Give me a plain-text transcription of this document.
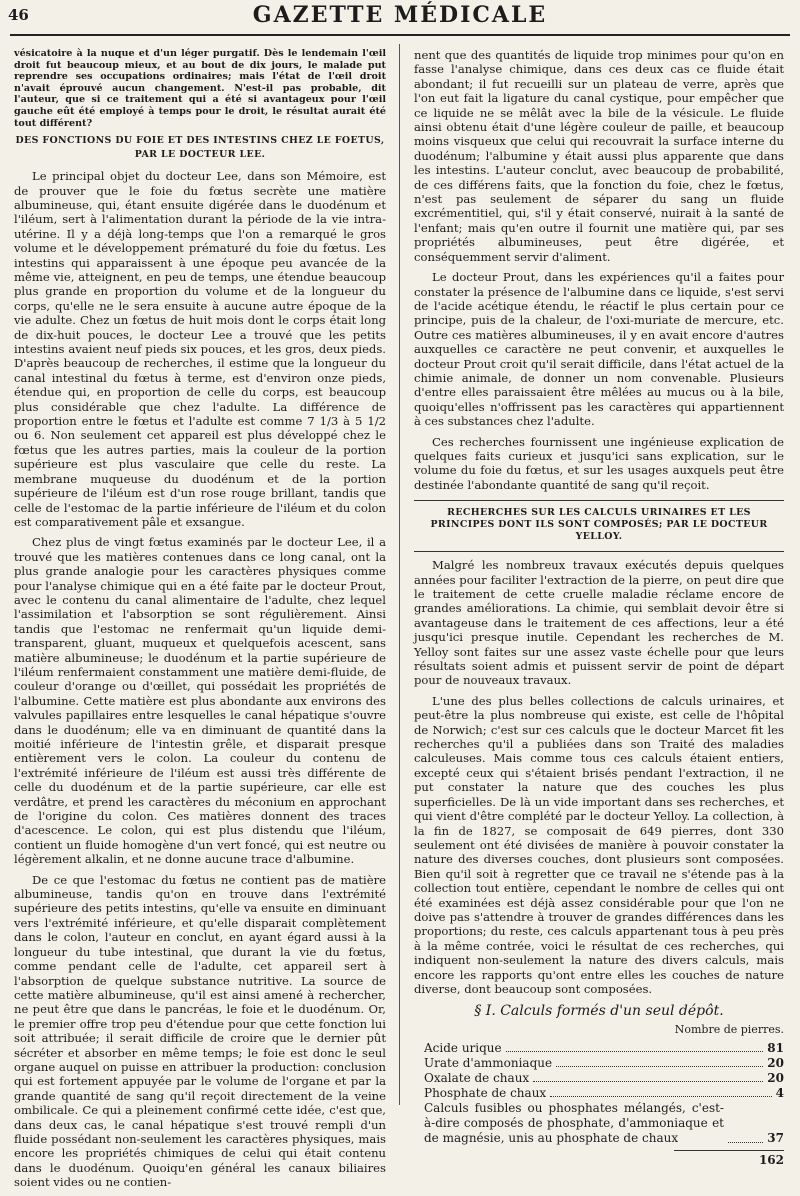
46	GAZETTE MÉDICALE

vésicatoire à la nuque et d'un léger purgatif. Dès le lendemain l'œil droit fut beaucoup mieux, et au bout de dix jours, le malade put reprendre ses occupations ordinaires; mais l'état de l'œil droit n'avait éprouvé aucun changement. N'est-il pas probable, dit l'auteur, que si ce traitement qui a été si avantageux pour l'œil gauche eût été employé à temps pour le droit, le résultat aurait été tout différent?

DES FONCTIONS DU FOIE ET DES INTESTINS CHEZ LE FOETUS,
PAR LE DOCTEUR LEE.

Le principal objet du docteur Lee, dans son Mémoire, est de prouver que le foie du fœtus secrète une matière albumineuse, qui, étant ensuite digérée dans le duodénum et l'iléum, sert à l'alimentation durant la période de la vie intra-utérine. Il y a déjà long-temps que l'on a remarqué le gros volume et le développement prématuré du foie du fœtus. Les intestins qui apparaissent à une époque peu avancée de la même vie, atteignent, en peu de temps, une étendue beaucoup plus grande en proportion du volume et de la longueur du corps, qu'elle ne le sera ensuite à aucune autre époque de la vie adulte. Chez un fœtus de huit mois dont le corps était long de dix-huit pouces, le docteur Lee a trouvé que les petits intestins avaient neuf pieds six pouces, et les gros, deux pieds. D'après beaucoup de recherches, il estime que la longueur du canal intestinal du fœtus à terme, est d'environ onze pieds, étendue qui, en proportion de celle du corps, est beaucoup plus considérable que chez l'adulte. La différence de proportion entre le fœtus et l'adulte est comme 7 1/3 à 5 1/2 ou 6. Non seulement cet appareil est plus développé chez le fœtus que les autres parties, mais la couleur de la portion supérieure est plus vasculaire que celle du reste. La membrane muqueuse du duodénum et de la portion supérieure de l'iléum est d'un rose rouge brillant, tandis que celle de l'estomac de la partie inférieure de l'iléum et du colon est comparativement pâle et exsangue.

Chez plus de vingt fœtus examinés par le docteur Lee, il a trouvé que les matières contenues dans ce long canal, ont la plus grande analogie pour les caractères physiques comme pour l'analyse chimique qui en a été faite par le docteur Prout, avec le contenu du canal alimentaire de l'adulte, chez lequel l'assimilation et l'absorption se sont régulièrement. Ainsi tandis que l'estomac ne renfermait qu'un liquide demi-transparent, gluant, muqueux et quelquefois acescent, sans matière albumineuse; le duodénum et la partie supérieure de l'iléum renfermaient constamment une matière demi-fluide, de couleur d'orange ou d'œillet, qui possédait les propriétés de l'albumine. Cette matière est plus abondante aux environs des valvules papillaires entre lesquelles le canal hépatique s'ouvre dans le duodénum; elle va en diminuant de quantité dans la moitié inférieure de l'intestin grêle, et disparait presque entièrement vers le colon. La couleur du contenu de l'extrémité inférieure de l'iléum est aussi très différente de celle du duodénum et de la partie supérieure, car elle est verdâtre, et prend les caractères du méconium en approchant de l'origine du colon. Ces matières donnent des traces d'acescence. Le colon, qui est plus distendu que l'iléum, contient un fluide homogène d'un vert foncé, qui est neutre ou légèrement alkalin, et ne donne aucune trace d'albumine.

De ce que l'estomac du fœtus ne contient pas de matière albumineuse, tandis qu'on en trouve dans l'extrémité supérieure des petits intestins, qu'elle va ensuite en diminuant vers l'extrémité inférieure, et qu'elle disparait complètement dans le colon, l'auteur en conclut, en ayant égard aussi à la longueur du tube intestinal, que durant la vie du fœtus, comme pendant celle de l'adulte, cet appareil sert à l'absorption de quelque substance nutritive. La source de cette matière albumineuse, qu'il est ainsi amené à rechercher, ne peut être que dans le pancréas, le foie et le duodénum. Or, le premier offre trop peu d'étendue pour que cette fonction lui soit attribuée; il serait difficile de croire que le dernier pût sécréter et absorber en même temps; le foie est donc le seul organe auquel on puisse en attribuer la production: conclusion qui est fortement appuyée par le volume de l'organe et par la grande quantité de sang qu'il reçoit directement de la veine ombilicale. Ce qui a pleinement confirmé cette idée, c'est que, dans deux cas, le canal hépatique s'est trouvé rempli d'un fluide possédant non-seulement les caractères physiques, mais encore les propriétés chimiques de celui qui était contenu dans le duodénum. Quoiqu'en général les canaux biliaires soient vides ou ne contien-

nent que des quantités de liquide trop minimes pour qu'on en fasse l'analyse chimique, dans ces deux cas ce fluide était abondant; il fut recueilli sur un plateau de verre, après que l'on eut fait la ligature du canal cystique, pour empêcher que ce liquide ne se mêlât avec la bile de la vésicule. Le fluide ainsi obtenu était d'une légère couleur de paille, et beaucoup moins visqueux que celui qui recouvrait la surface interne du duodénum; l'albumine y était aussi plus apparente que dans les intestins. L'auteur conclut, avec beaucoup de probabilité, de ces différens faits, que la fonction du foie, chez le fœtus, n'est pas seulement de séparer du sang un fluide excrémentitiel, qui, s'il y était conservé, nuirait à la santé de l'enfant; mais qu'en outre il fournit une matière qui, par ses propriétés albumineuses, peut être digérée, et conséquemment servir d'aliment.

Le docteur Prout, dans les expériences qu'il a faites pour constater la présence de l'albumine dans ce liquide, s'est servi de l'acide acétique étendu, le réactif le plus certain pour ce principe, puis de la chaleur, de l'oxi-muriate de mercure, etc. Outre ces matières albumineuses, il y en avait encore d'autres auxquelles ce caractère ne peut convenir, et auxquelles le docteur Prout croit qu'il serait difficile, dans l'état actuel de la chimie animale, de donner un nom convenable. Plusieurs d'entre elles paraissaient être mêlées au mucus ou à la bile, quoiqu'elles n'offrissent pas les caractères qui appartiennent à ces substances chez l'adulte.

Ces recherches fournissent une ingénieuse explication de quelques faits curieux et jusqu'ici sans explication, sur le volume du foie du fœtus, et sur les usages auxquels peut être destinée l'abondante quantité de sang qu'il reçoit.

RECHERCHES SUR LES CALCULS URINAIRES ET LES PRINCIPES DONT ILS SONT COMPOSÉS; PAR LE DOCTEUR YELLOY.

Malgré les nombreux travaux exécutés depuis quelques années pour faciliter l'extraction de la pierre, on peut dire que le traitement de cette cruelle maladie réclame encore de grandes améliorations. La chimie, qui semblait devoir être si avantageuse dans le traitement de ces affections, leur a été jusqu'ici presque inutile. Cependant les recherches de M. Yelloy sont faites sur une assez vaste échelle pour que leurs résultats soient admis et puissent servir de point de départ pour de nouveaux travaux.

L'une des plus belles collections de calculs urinaires, et peut-être la plus nombreuse qui existe, est celle de l'hôpital de Norwich; c'est sur ces calculs que le docteur Marcet fit les recherches qu'il a publiées dans son Traité des maladies calculeuses. Mais comme tous ces calculs étaient entiers, excepté ceux qui s'étaient brisés pendant l'extraction, il ne put constater la nature que des couches les plus superficielles. De là un vide important dans ses recherches, et qui vient d'être complété par le docteur Yelloy. La collection, à la fin de 1827, se composait de 649 pierres, dont 330 seulement ont été divisées de manière à pouvoir constater la nature des diverses couches, dont plusieurs sont composées. Bien qu'il soit à regretter que ce travail ne s'étende pas à la collection tout entière, cependant le nombre de celles qui ont été examinées est déjà assez considérable pour que l'on ne doive pas s'attendre à trouver de grandes différences dans les proportions; du reste, ces calculs appartenant tous à peu près à la même contrée, voici le résultat de ces recherches, qui indiquent non-seulement la nature des divers calculs, mais encore les rapports qu'ont entre elles les couches de nature diverse, dont beaucoup sont composées.

§ I. Calculs formés d'un seul dépôt.
Nombre de pierres.
Acide urique	81
Urate d'ammoniaque	20
Oxalate de chaux	20
Phosphate de chaux	4
Calculs fusibles ou phosphates mélangés, c'est-à-dire composés de phosphate, d'ammoniaque et de magnésie, unis au phosphate de chaux	37
162
